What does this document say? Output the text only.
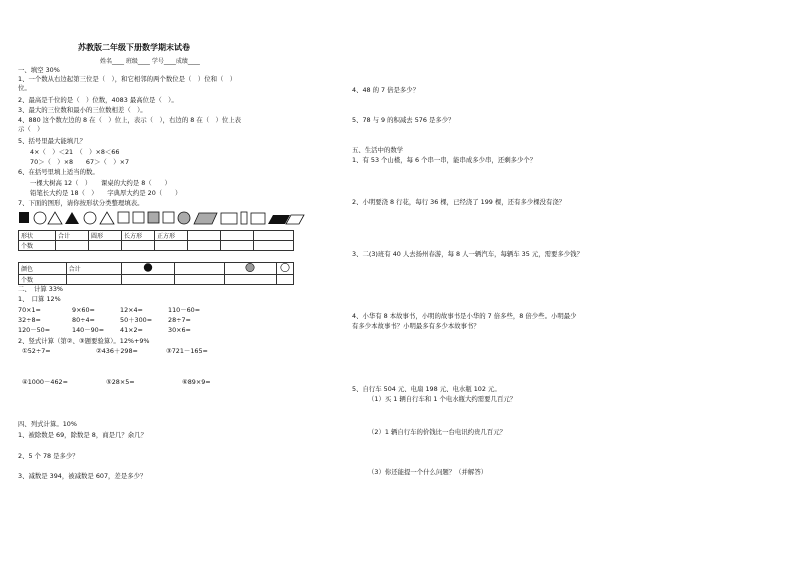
苏教版二年级下册数学期末试卷
姓名____ 班级____ 学号____成绩____
一、填空 30%
1、一个数从右边起第三位是（　），和它相邻的两个数位是（　）位和（　）
位。
2、最高是千位的是（　）位数，4083 最高位是（　）。
3、最大的三位数和最小的三位数相差（　）。
4、880 这个数左边的 8 在（　）位上，表示（　），右边的 8 在（　）位上表
示（　）
5、括号里最大能填几？
4×（　）＜21　（　）×8＜66
70＞（　）×8　　67＞（　）×7
6、在括号里填上适当的数。
一棵大树高 12（　）　　课桌的大约是 8（　　）
铅笔长大约是 18（　）　　字典厚大约是 20（　　）
7、下面的图形，请你按形状分类整理填表。
形状	合计	圆形	长方形	正方形			
个数							
颜色	合计				
个数					
二、　计算 33%
1、　口算 12%
70×1=	9×60=	12×4=	110－60=
32÷8=	80÷4=	50＋300= 28÷7=
120－50=	140－90= 41×2=	30×6=
2、竖式计算（第②、③题要验算）。12%+9%
①52÷7=	②436＋298=	③721－165=
④1000－462=	⑤28×5=	⑥89×9=
四、列式计算。10%
1、被除数是 69，除数是 8，商是几？余几？
2、5 个 78 是多少？
3、减数是 394，被减数是 607，差是多少？
4、48 的 7 倍是多少？
5、78 与 9 的积减去 576 是多少？
五、生活中的数学
1、有 53 个山楂，每 6 个串一串，能串成多少串，还剩多少个？
2、小明要浇 8 行花，每行 36 棵，已经浇了 199 棵，还有多少棵没有浇？
3、二(3)班有 40 人去扬州春游，每 8 人一辆汽车，每辆车 35 元，需要多少钱？
4、小华有 8 本故事书，小明的故事书是小华的 7 倍多些，8 倍少些。小明最少
有多少本故事书？小明最多有多少本故事书？
5、自行车 504 元、电扇 198 元、电水瓶 102 元。
（1）买 1 辆自行车和 1 个电水瓶大约需要几百元？
（2）1 辆自行车的价钱比一台电讯约贵几百元？
（3）你还能提一个什么问题？（并解答）
